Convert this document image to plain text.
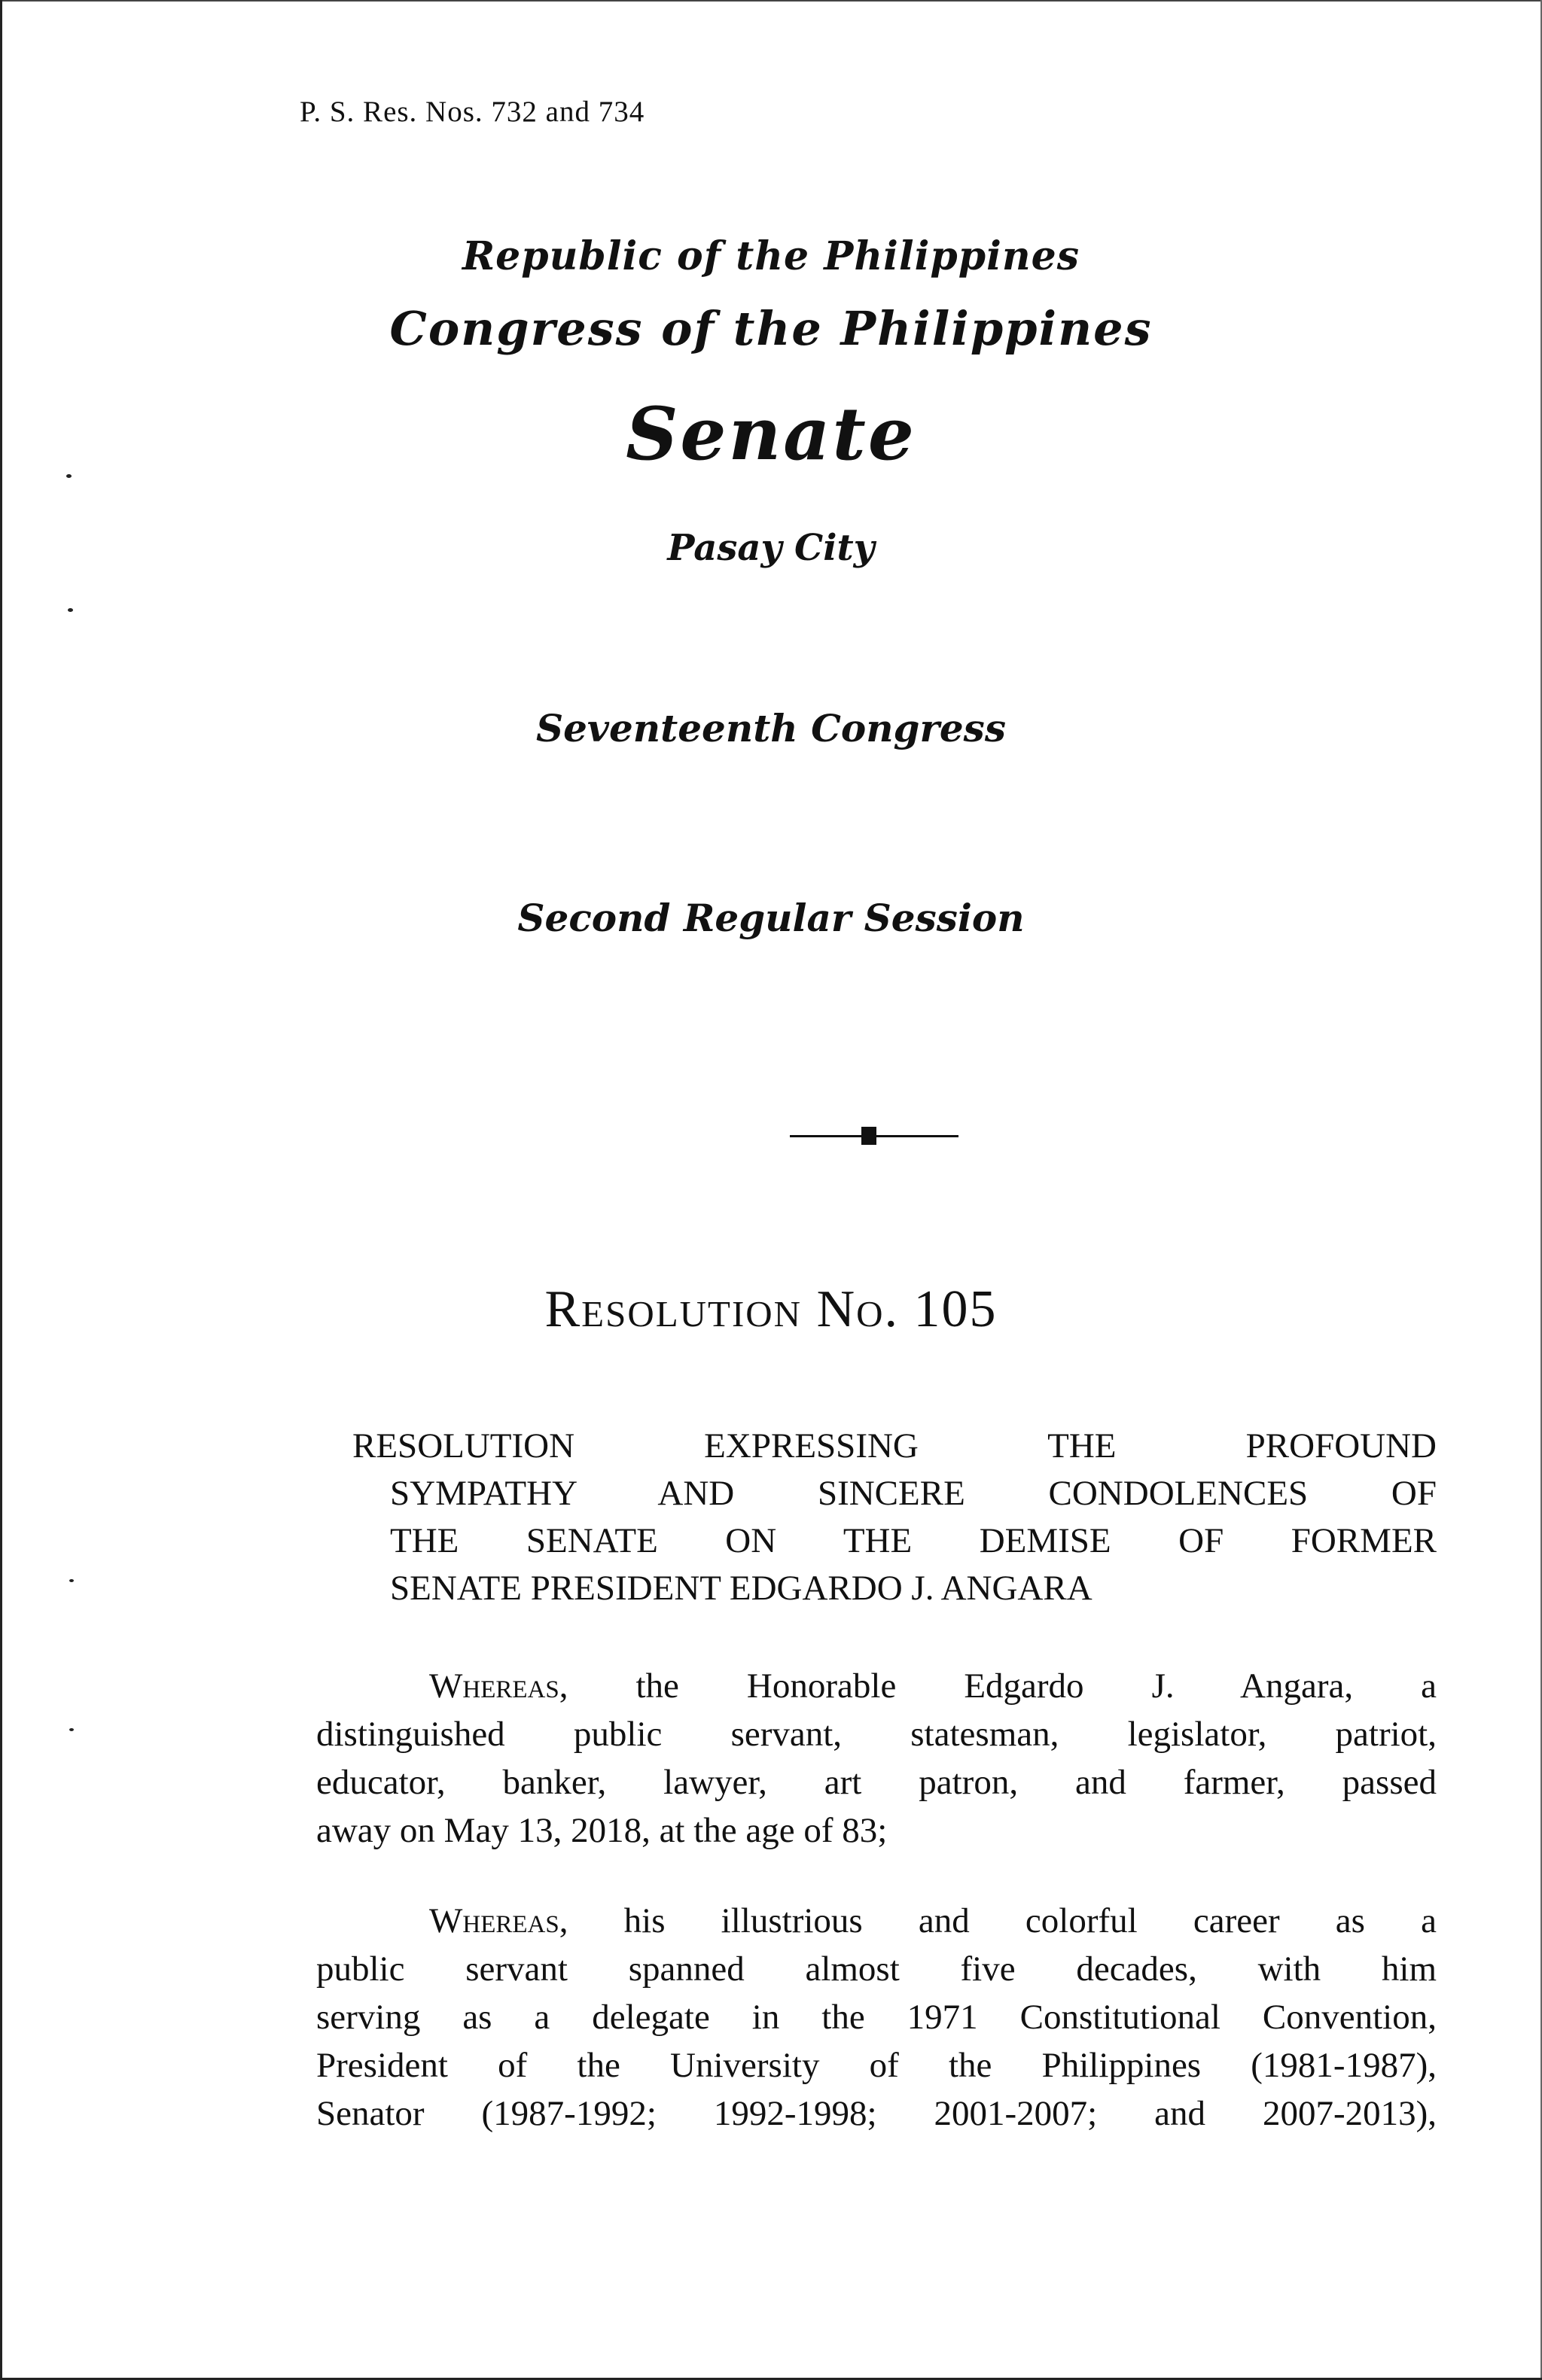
P. S. Res. Nos. 732 and 734
Republic of the Philippines
Congress of the Philippines
Senate
Pasay City
Seventeenth Congress
Second Regular Session
Resolution No. 105
RESOLUTION EXPRESSING THE PROFOUND
SYMPATHY AND SINCERE CONDOLENCES OF
THE SENATE ON THE DEMISE OF FORMER
SENATE PRESIDENT EDGARDO J. ANGARA
Whereas, the Honorable Edgardo J. Angara, a
distinguished public servant, statesman, legislator, patriot,
educator, banker, lawyer, art patron, and farmer, passed
away on May 13, 2018, at the age of 83;
Whereas, his illustrious and colorful career as a
public servant spanned almost five decades, with him
serving as a delegate in the 1971 Constitutional Convention,
President of the University of the Philippines (1981-1987),
Senator (1987-1992; 1992-1998; 2001-2007; and 2007-2013),
